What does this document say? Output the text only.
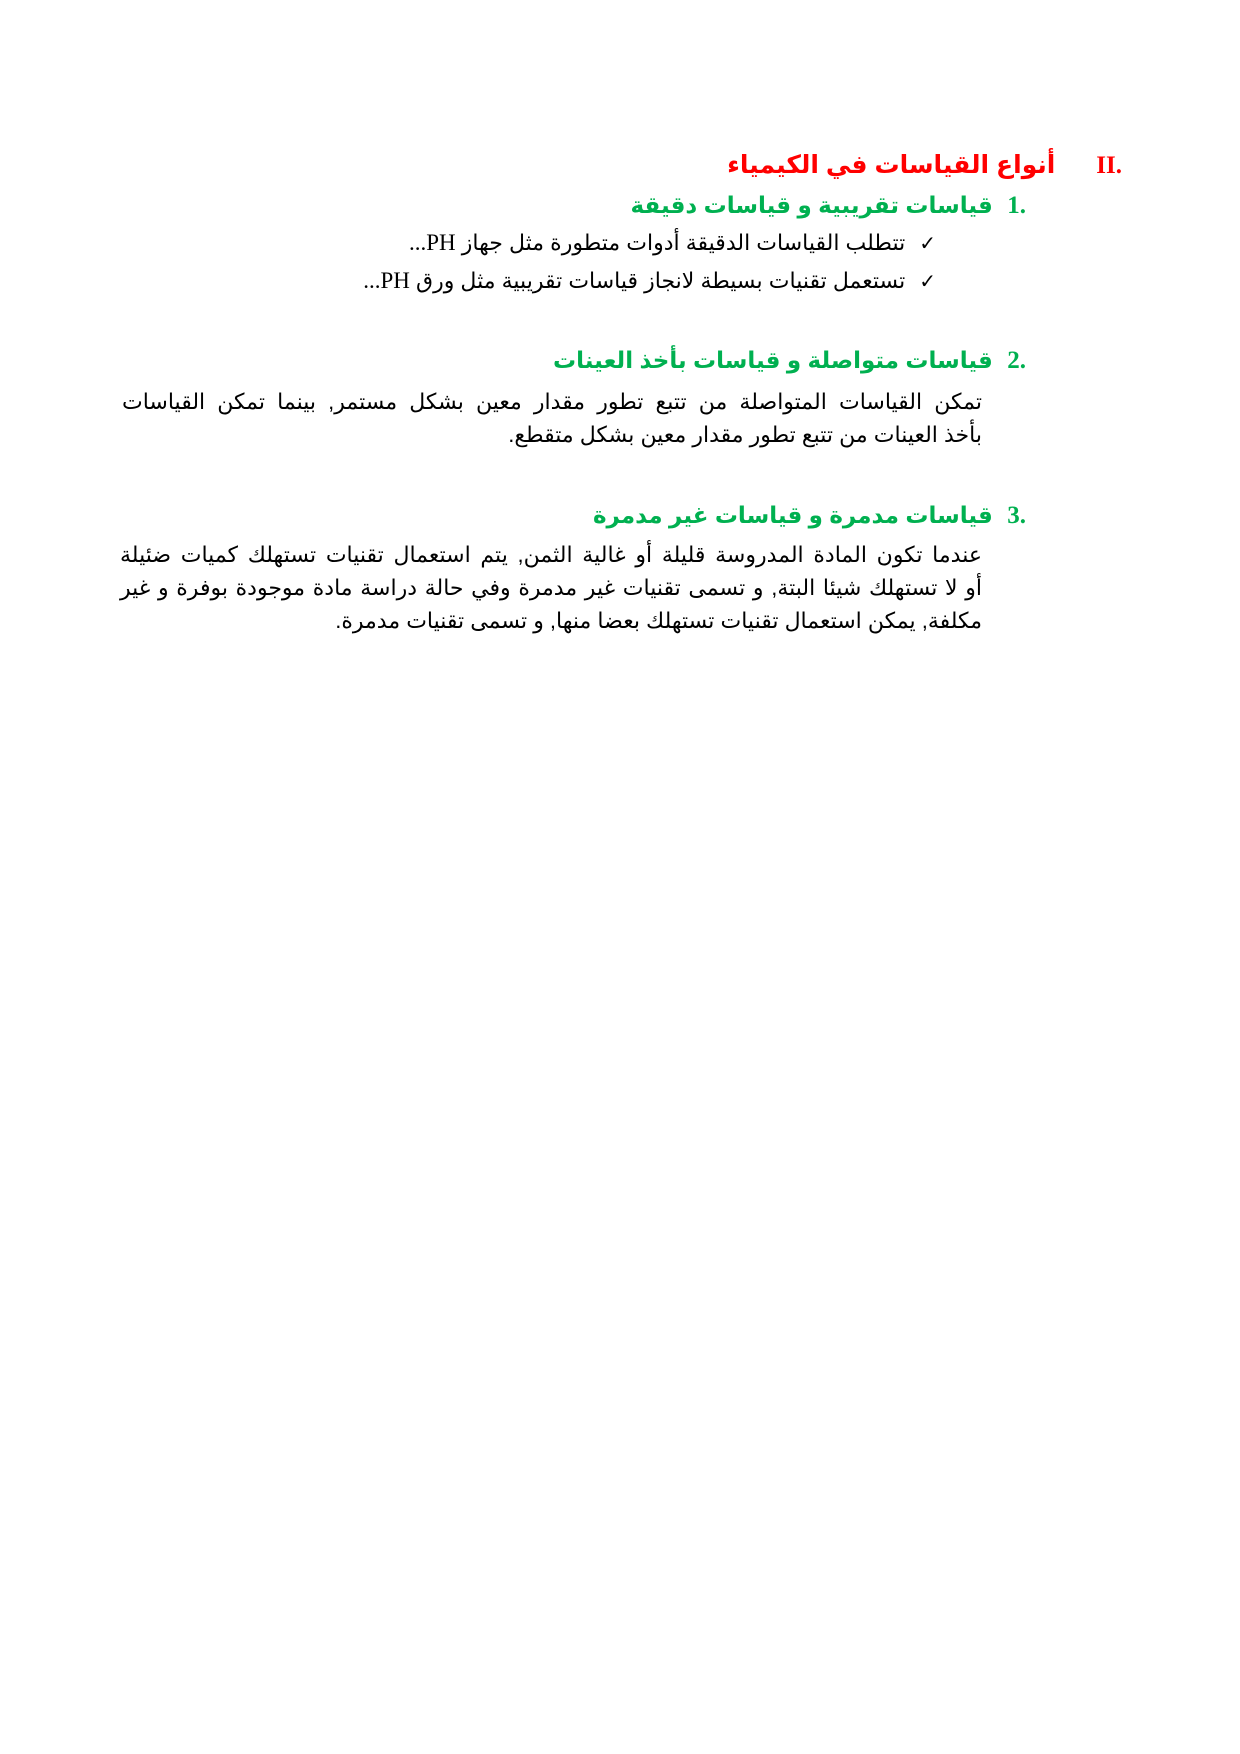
.II أنواع القياسات في الكيمياء
1. قياسات تقريبية و قياسات دقيقة
✓تتطلب القياسات الدقيقة أدوات متطورة مثل جهاز ...PH
✓تستعمل تقنيات بسيطة لانجاز قياسات تقريبية مثل ورق ...PH
2. قياسات متواصلة و قياسات بأخذ العينات
تمكن القياسات المتواصلة من تتبع تطور مقدار معين بشكل مستمر, بينما تمكن القياسات
بأخذ العينات من تتبع تطور مقدار معين بشكل متقطع.
3. قياسات مدمرة و قياسات غير مدمرة
عندما تكون المادة المدروسة قليلة أو غالية الثمن, يتم استعمال تقنيات تستهلك كميات ضئيلة
أو لا تستهلك شيئا البتة, و تسمى تقنيات غير مدمرة وفي حالة دراسة مادة موجودة بوفرة و غير
مكلفة, يمكن استعمال تقنيات تستهلك بعضا منها, و تسمى تقنيات مدمرة.
